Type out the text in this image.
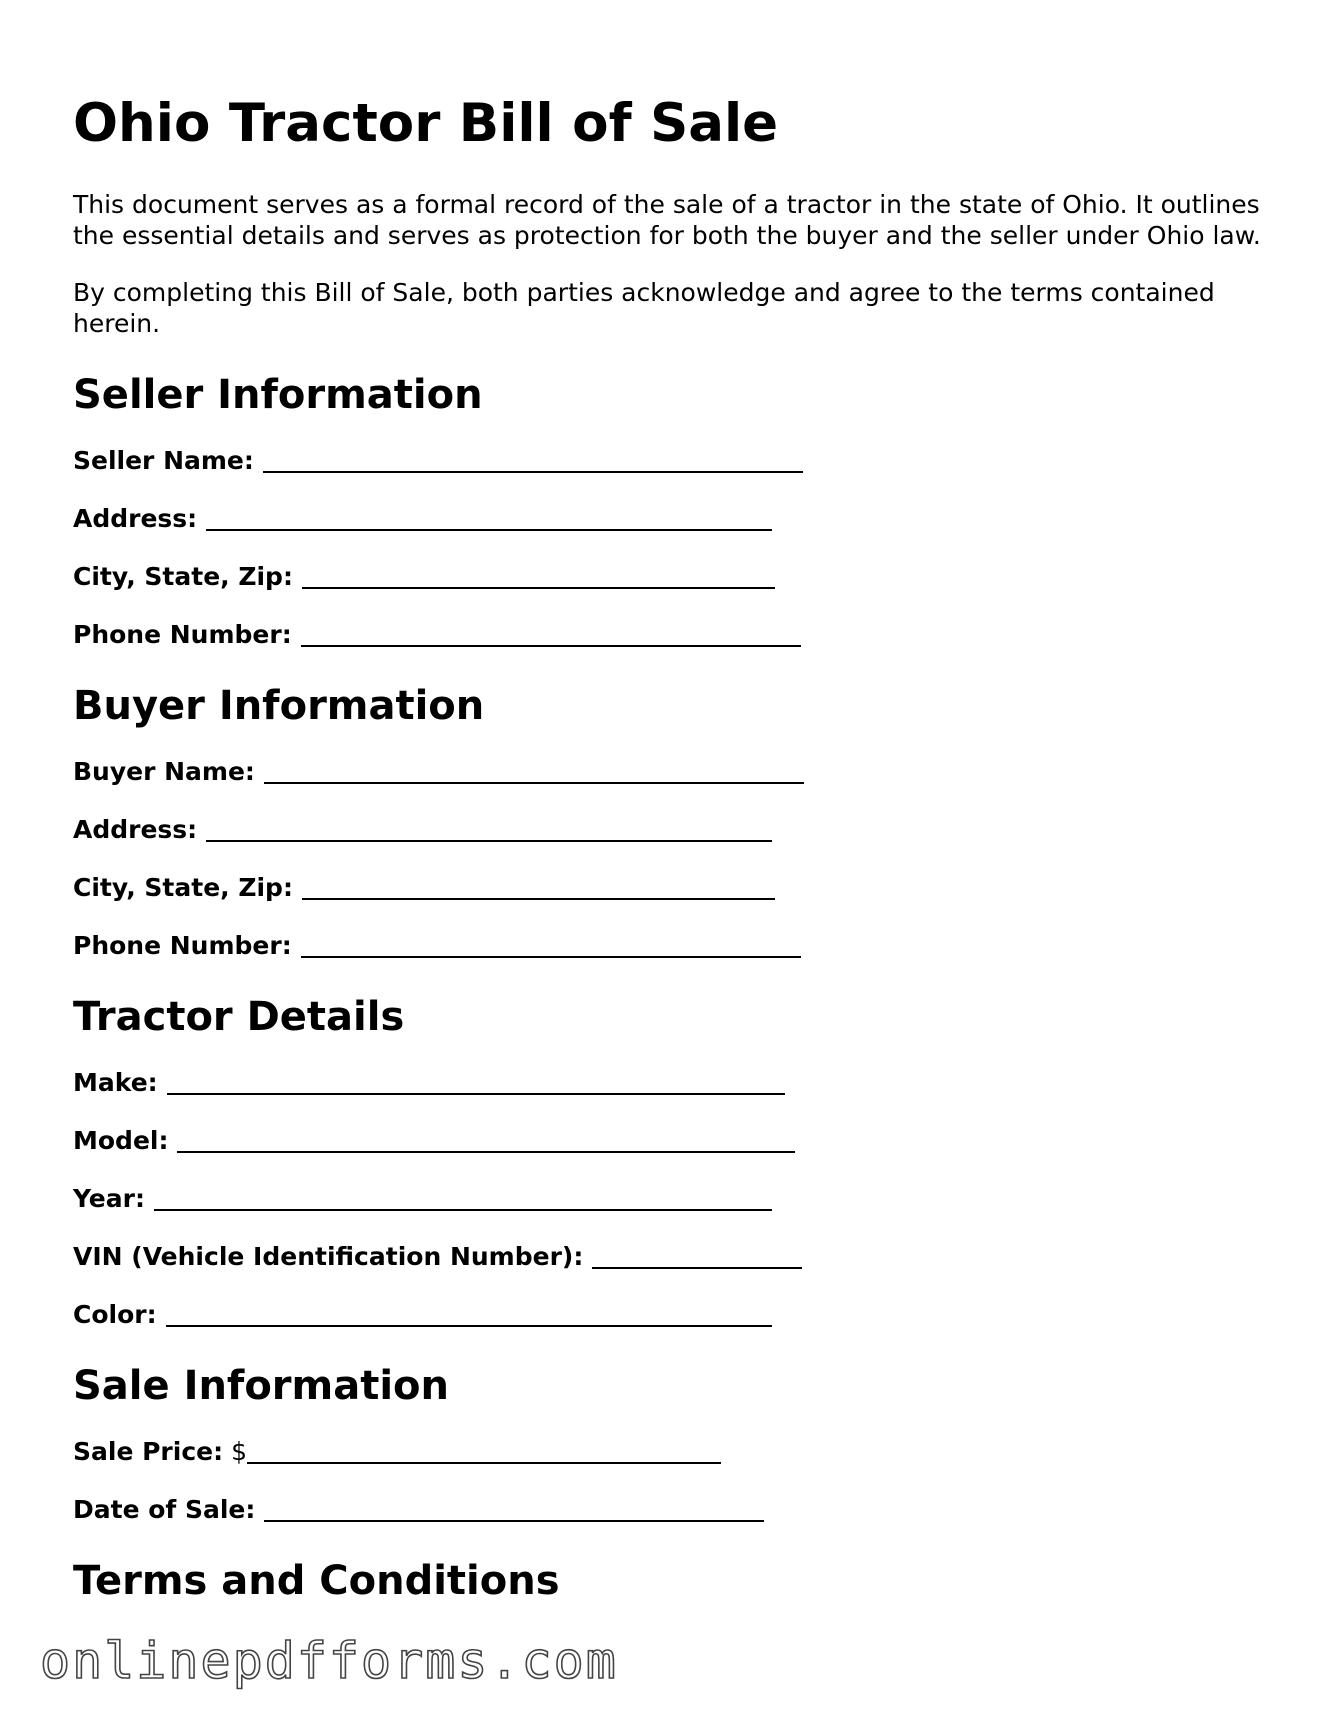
Ohio Tractor Bill of Sale

This document serves as a formal record of the sale of a tractor in the state of Ohio. It outlines the essential details and serves as protection for both the buyer and the seller under Ohio law.

By completing this Bill of Sale, both parties acknowledge and agree to the terms contained herein.

Seller Information
Seller Name:
Address:
City, State, Zip:
Phone Number:
Buyer Information
Buyer Name:
Address:
City, State, Zip:
Phone Number:
Tractor Details
Make:
Model:
Year:
VIN (Vehicle Identification Number):
Color:
Sale Information
Sale Price: $
Date of Sale:
Terms and Conditions
onlinepdfforms.com
